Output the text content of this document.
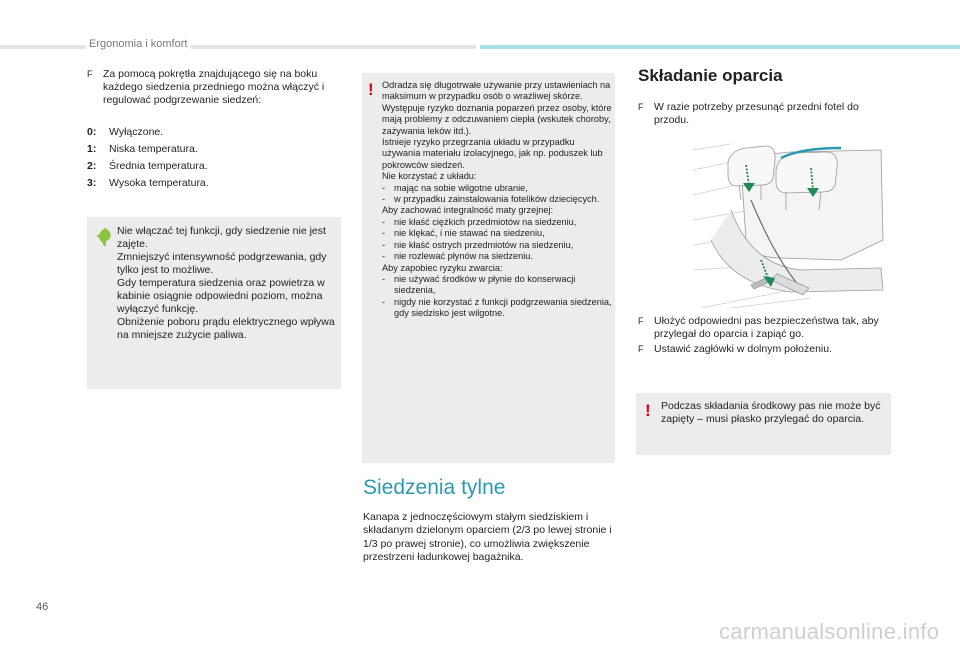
Ergonomia i komfort
F	Za pomocą pokrętła znajdującego się na boku każdego siedzenia przedniego można włączyć i regulować podgrzewanie siedzeń:
0:	Wyłączone.
1:	Niska temperatura.
2:	Średnia temperatura.
3:	Wysoka temperatura.
Nie włączać tej funkcji, gdy siedzenie nie jest zajęte.
Zmniejszyć intensywność podgrzewania, gdy tylko jest to możliwe.
Gdy temperatura siedzenia oraz powietrza w kabinie osiągnie odpowiedni poziom, można wyłączyć funkcję.
Obniżenie poboru prądu elektrycznego wpływa na mniejsze zużycie paliwa.
! Odradza się długotrwałe używanie przy ustawieniach na maksimum w przypadku osób o wrażliwej skórze.
Występuje ryzyko doznania poparzeń przez osoby, które mają problemy z odczuwaniem ciepła (wskutek choroby, zażywania leków itd.).
Istnieje ryzyko przegrzania układu w przypadku używania materiału izolacyjnego, jak np. poduszek lub pokrowców siedzeń.
Nie korzystać z układu:
- mając na sobie wilgotne ubranie,
- w przypadku zainstalowania fotelików dziecięcych.
Aby zachować integralność maty grzejnej:
- nie kłaść ciężkich przedmiotów na siedzeniu,
- nie klękać, i nie stawać na siedzeniu,
- nie kłaść ostrych przedmiotów na siedzeniu,
- nie rozlewać płynów na siedzeniu.
Aby zapobiec ryzyku zwarcia:
- nie używać środków w płynie do konserwacji siedzenia,
- nigdy nie korzystać z funkcji podgrzewania siedzenia, gdy siedzisko jest wilgotne.
Siedzenia tylne
Kanapa z jednoczęściowym stałym siedziskiem i składanym dzielonym oparciem (2/3 po lewej stronie i 1/3 po prawej stronie), co umożliwia zwiększenie przestrzeni ładunkowej bagażnika.
Składanie oparcia
F	W razie potrzeby przesunąć przedni fotel do przodu.
F	Ułożyć odpowiedni pas bezpieczeństwa tak, aby przylegał do oparcia i zapiąć go.
F	Ustawić zagłówki w dolnym położeniu.
! Podczas składania środkowy pas nie może być zapięty – musi płasko przylegać do oparcia.
46
carmanualsonline.info
